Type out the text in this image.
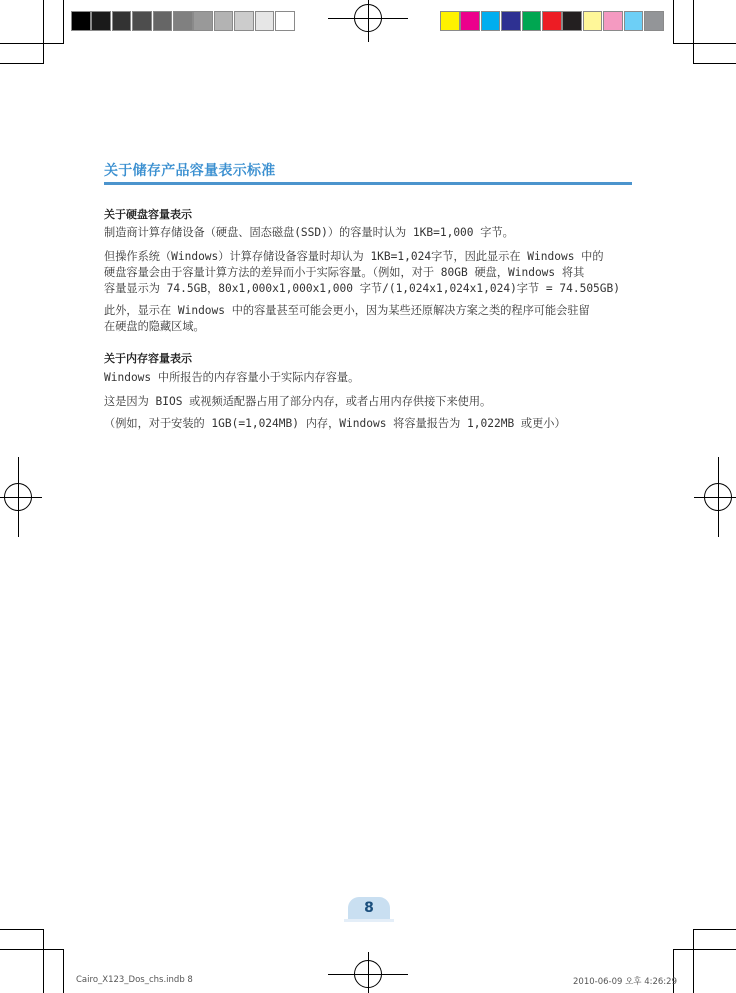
关于储存产品容量表示标准
关于硬盘容量表示
制造商计算存储设备（硬盘、固态磁盘(SSD)）的容量时认为 1KB=1,000 字节。
但操作系统（Windows）计算存储设备容量时却认为 1KB=1,024字节，因此显示在 Windows 中的
硬盘容量会由于容量计算方法的差异而小于实际容量。（例如，对于 80GB 硬盘，Windows 将其
容量显示为 74.5GB，80x1,000x1,000x1,000 字节/(1,024x1,024x1,024)字节 = 74.505GB)
此外，显示在 Windows 中的容量甚至可能会更小，因为某些还原解决方案之类的程序可能会驻留
在硬盘的隐藏区域。
关于内存容量表示
Windows 中所报告的内存容量小于实际内存容量。
这是因为 BIOS 或视频适配器占用了部分内存，或者占用内存供接下来使用。
（例如，对于安装的 1GB(=1,024MB) 内存，Windows 将容量报告为 1,022MB 或更小）
8
Cairo_X123_Dos_chs.indb 8	2010-06-09 오후 4:26:29
